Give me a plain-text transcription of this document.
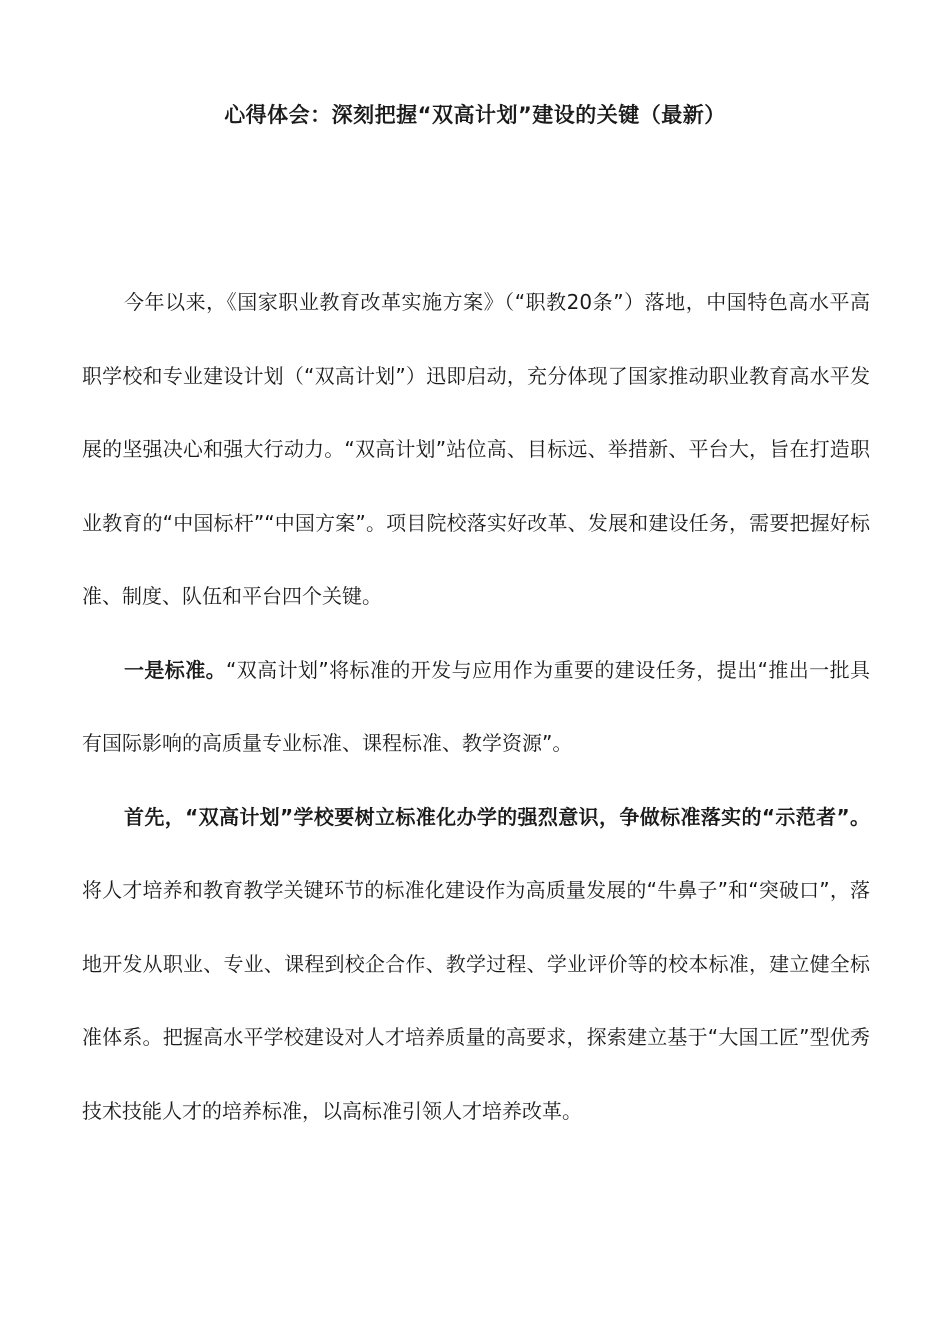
心得体会：深刻把握“双高计划”建设的关键（最新）

今年以来，《国家职业教育改革实施方案》（“职教20条”）落地，中国特色高水平高职学校和专业建设计划（“双高计划”）迅即启动，充分体现了国家推动职业教育高水平发展的坚强决心和强大行动力。“双高计划”站位高、目标远、举措新、平台大，旨在打造职业教育的“中国标杆”“中国方案”。项目院校落实好改革、发展和建设任务，需要把握好标准、制度、队伍和平台四个关键。

一是标准。“双高计划”将标准的开发与应用作为重要的建设任务，提出“推出一批具有国际影响的高质量专业标准、课程标准、教学资源”。

首先，“双高计划”学校要树立标准化办学的强烈意识，争做标准落实的“示范者”。将人才培养和教育教学关键环节的标准化建设作为高质量发展的“牛鼻子”和“突破口”，落地开发从职业、专业、课程到校企合作、教学过程、学业评价等的校本标准，建立健全标准体系。把握高水平学校建设对人才培养质量的高要求，探索建立基于“大国工匠”型优秀技术技能人才的培养标准，以高标准引领人才培养改革。
